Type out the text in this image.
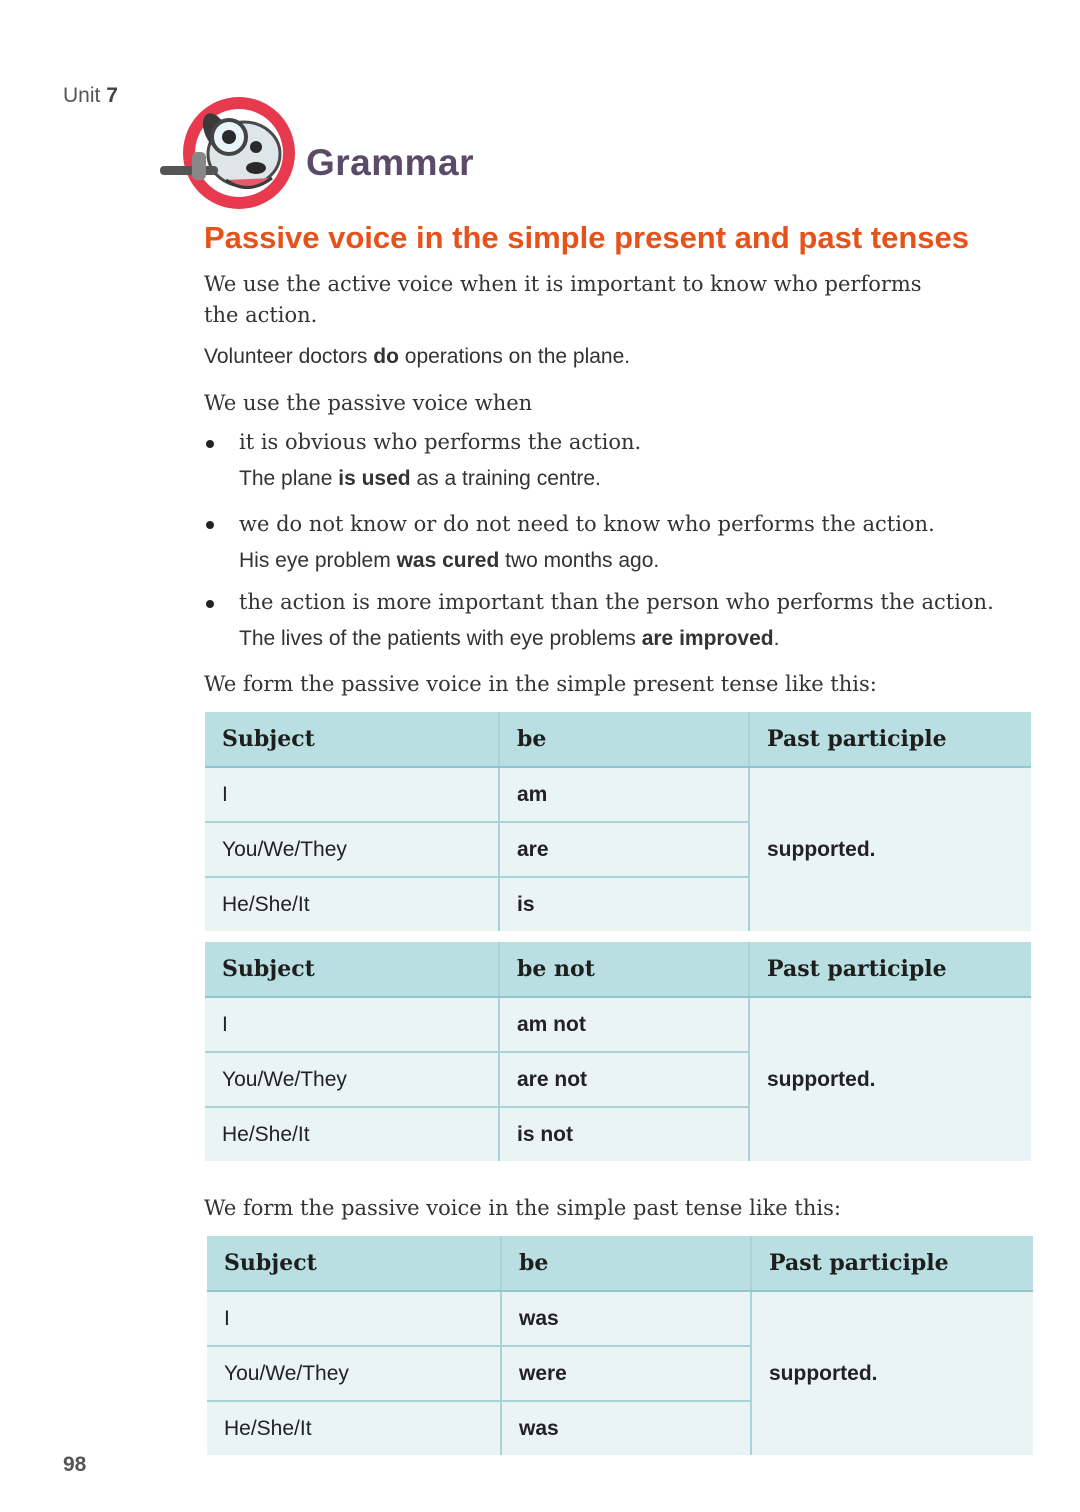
Unit 7
Grammar
Passive voice in the simple present and past tenses
We use the active voice when it is important to know who performs
the action.
Volunteer doctors do operations on the plane.
We use the passive voice when
it is obvious who performs the action.
The plane is used as a training centre.
we do not know or do not need to know who performs the action.
His eye problem was cured two months ago.
the action is more important than the person who performs the action.
The lives of the patients with eye problems are improved.
We form the passive voice in the simple present tense like this:
Subject	be	Past participle
I	am	supported.
You/We/They	are	
He/She/It	is	
Subject	be not	Past participle
I	am not	supported.
You/We/They	are not	
He/She/It	is not	
We form the passive voice in the simple past tense like this:
Subject	be	Past participle
I	was	supported.
You/We/They	were	
He/She/It	was	
98
